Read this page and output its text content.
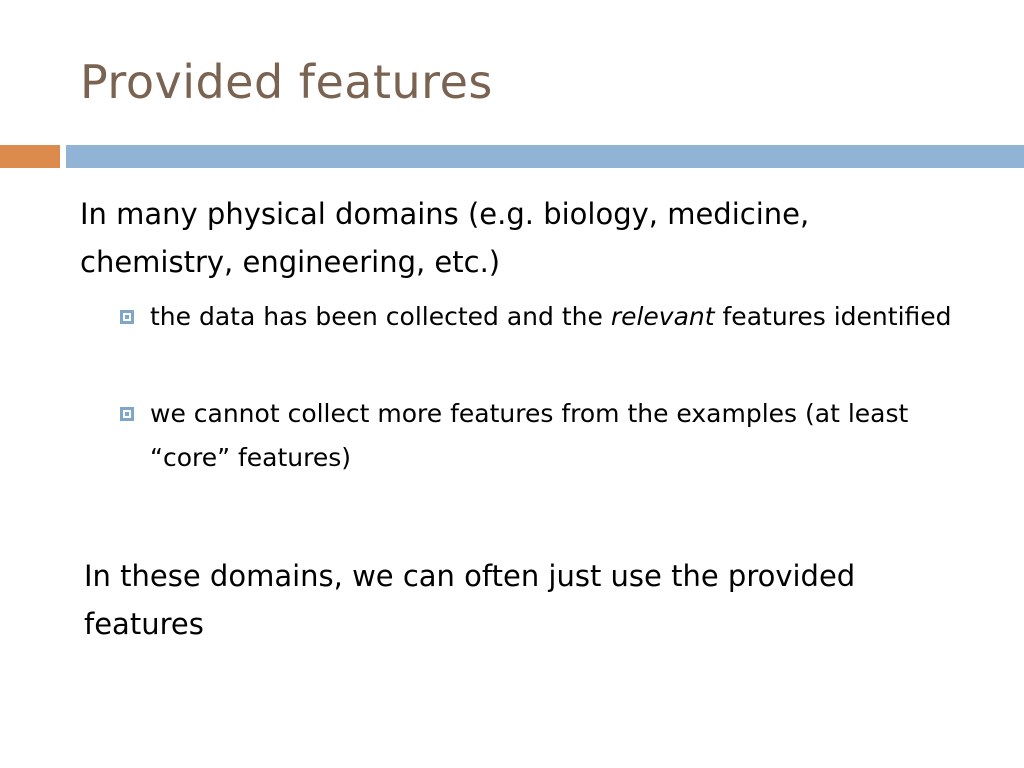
Provided features
In many physical domains (e.g. biology, medicine, chemistry, engineering, etc.)
the data has been collected and the relevant features identified
we cannot collect more features from the examples (at least “core” features)
In these domains, we can often just use the provided features
